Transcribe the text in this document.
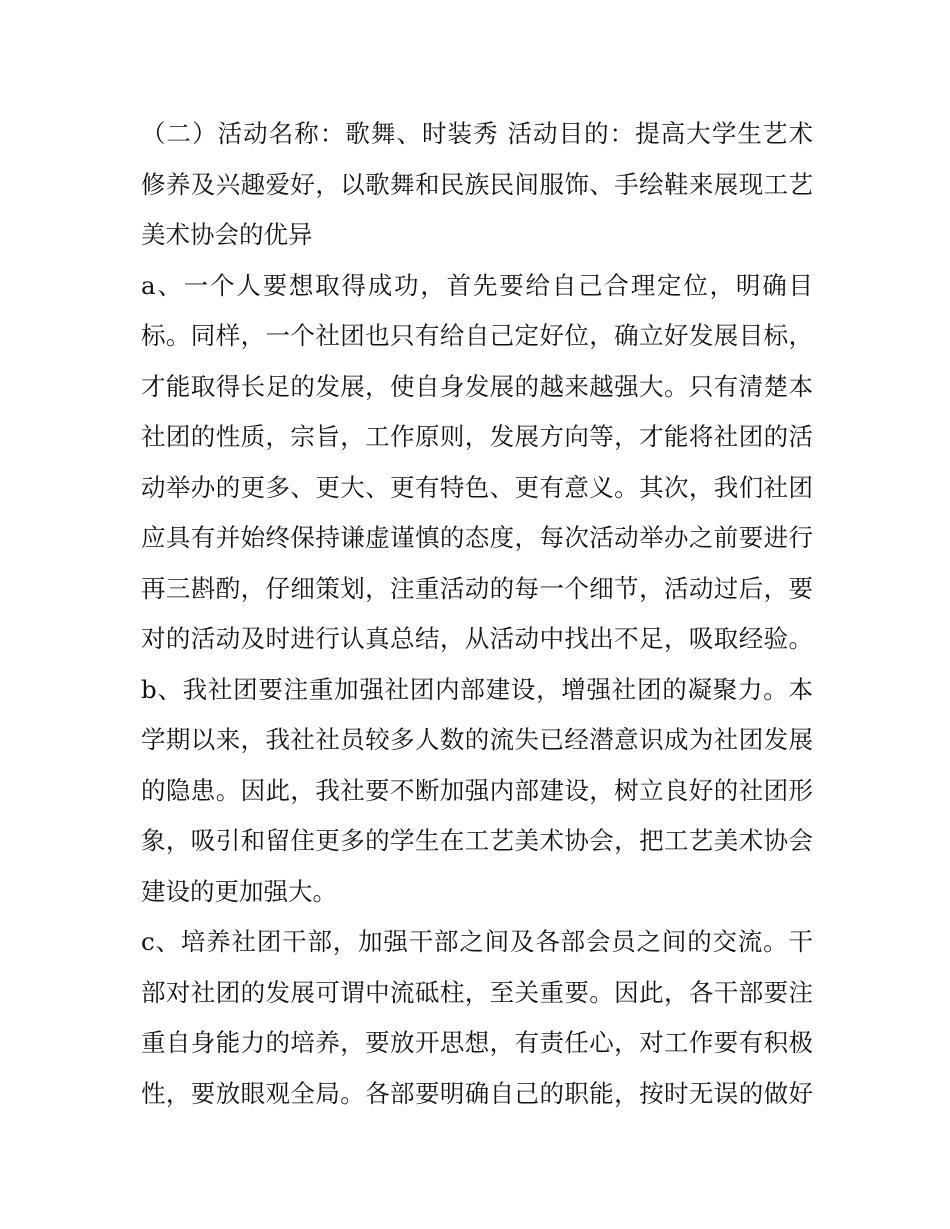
（二）活动名称：歌舞、时装秀 活动目的：提高大学生艺术
修养及兴趣爱好，以歌舞和民族民间服饰、手绘鞋来展现工艺
美术协会的优异
a、一个人要想取得成功，首先要给自己合理定位，明确目
标。同样，一个社团也只有给自己定好位，确立好发展目标，
才能取得长足的发展，使自身发展的越来越强大。只有清楚本
社团的性质，宗旨，工作原则，发展方向等，才能将社团的活
动举办的更多、更大、更有特色、更有意义。其次，我们社团
应具有并始终保持谦虚谨慎的态度，每次活动举办之前要进行
再三斟酌，仔细策划，注重活动的每一个细节，活动过后，要
对的活动及时进行认真总结，从活动中找出不足，吸取经验。
b、我社团要注重加强社团内部建设，增强社团的凝聚力。本
学期以来，我社社员较多人数的流失已经潜意识成为社团发展
的隐患。因此，我社要不断加强内部建设，树立良好的社团形
象，吸引和留住更多的学生在工艺美术协会，把工艺美术协会
建设的更加强大。
c、培养社团干部，加强干部之间及各部会员之间的交流。干
部对社团的发展可谓中流砥柱，至关重要。因此，各干部要注
重自身能力的培养，要放开思想，有责任心，对工作要有积极
性，要放眼观全局。各部要明确自己的职能，按时无误的做好
